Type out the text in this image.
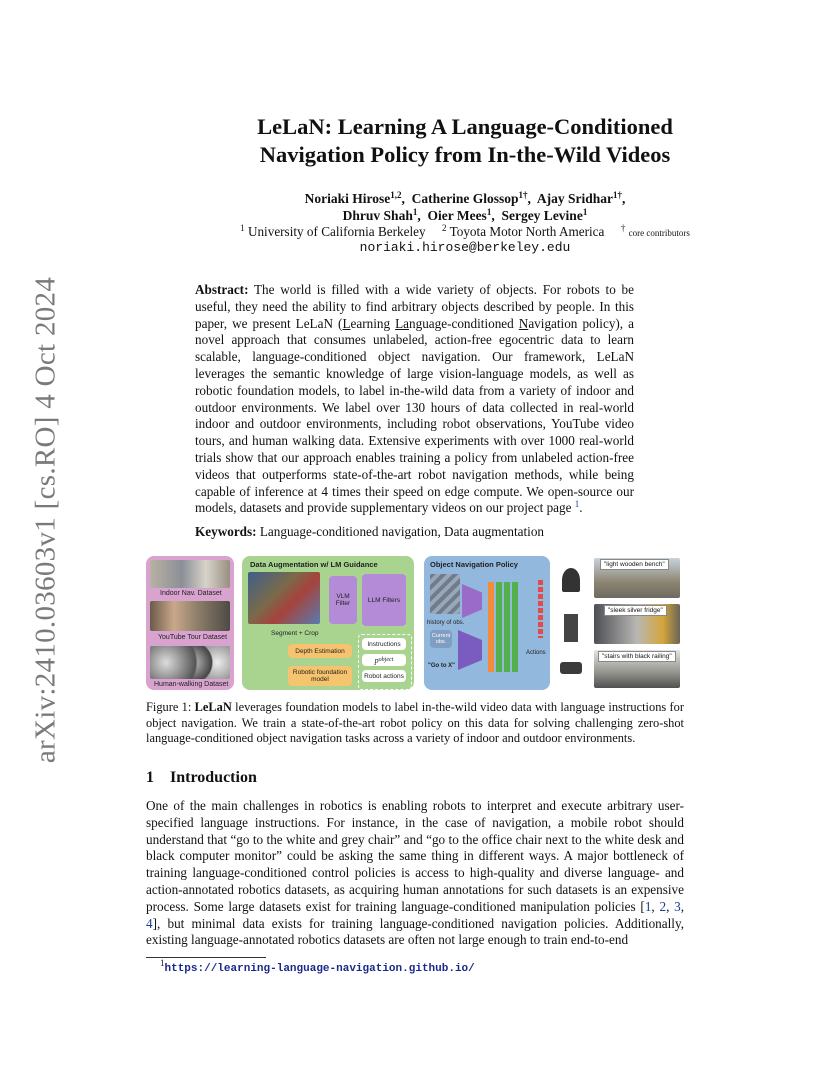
arXiv:2410.03603v1 [cs.RO] 4 Oct 2024
LeLaN: Learning A Language-Conditioned
Navigation Policy from In-the-Wild Videos
Noriaki Hirose$^{1,2}$,  Catherine Glossop$^{1\dagger}$,  Ajay Sridhar$^{1\dagger}$,
Dhruv Shah$^1$,  Oier Mees$^1$,  Sergey Levine$^1$
$^1$ University of California Berkeley $^2$ Toyota Motor North America † core contributors
noriaki.hirose@berkeley.edu
Abstract: The world is filled with a wide variety of objects. For robots to be useful, they need the ability to find arbitrary objects described by people. In this paper, we present LeLaN (Learning Language-conditioned Navigation policy), a novel approach that consumes unlabeled, action-free egocentric data to learn scalable, language-conditioned object navigation. Our framework, LeLaN leverages the semantic knowledge of large vision-language models, as well as robotic foundation models, to label in-the-wild data from a variety of indoor and outdoor environments. We label over 130 hours of data collected in real-world indoor and outdoor environments, including robot observations, YouTube video tours, and human walking data. Extensive experiments with over 1000 real-world trials show that our approach enables training a policy from unlabeled action-free videos that outperforms state-of-the-art robot navigation methods, while being capable of inference at 4 times their speed on edge compute. We open-source our models, datasets and provide supplementary videos on our project page $^1$.
Keywords: Language-conditioned navigation, Data augmentation
Indoor Nav. Dataset
YouTube Tour Dataset
Human-walking Dataset
Data Augmentation w/ LM Guidance
VLM Filter	LLM Filters
Segment + Crop
Depth Estimation
Robotic foundation model
Instructions
p object
Robot actions
Object Navigation Policy
history of obs.
Current obs.
"Go to X"
Actions
"light wooden bench"
"sleek silver fridge"
"stairs with black railing"
Figure 1: LeLaN leverages foundation models to label in-the-wild video data with language instructions for object navigation. We train a state-of-the-art robot policy on this data for solving challenging zero-shot language-conditioned object navigation tasks across a variety of indoor and outdoor environments.
1 Introduction
One of the main challenges in robotics is enabling robots to interpret and execute arbitrary user-specified language instructions. For instance, in the case of navigation, a mobile robot should understand that “go to the white and grey chair” and “go to the office chair next to the white desk and black computer monitor” could be asking the same thing in different ways. A major bottleneck of training language-conditioned control policies is access to high-quality and diverse language- and action-annotated robotics datasets, as acquiring human annotations for such datasets is an expensive process. Some large datasets exist for training language-conditioned manipulation policies [1, 2, 3, 4], but minimal data exists for training language-conditioned navigation policies. Additionally, existing language-annotated robotics datasets are often not large enough to train end-to-end
$^1$https://learning-language-navigation.github.io/
